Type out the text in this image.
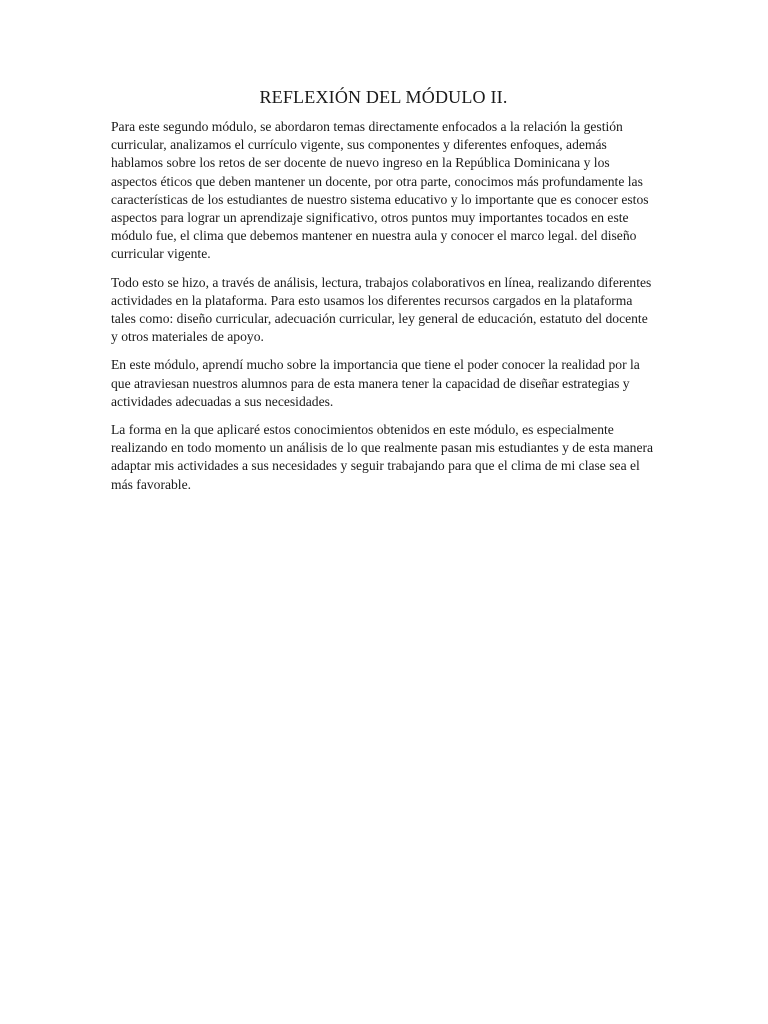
REFLEXIÓN DEL MÓDULO II.

Para este segundo módulo, se abordaron temas directamente enfocados a la relación la gestión curricular, analizamos el currículo vigente, sus componentes y diferentes enfoques, además hablamos sobre los retos de ser docente de nuevo ingreso en la República Dominicana y los aspectos éticos que deben mantener un docente, por otra parte, conocimos más profundamente las características de los estudiantes de nuestro sistema educativo y lo importante que es conocer estos aspectos para lograr un aprendizaje significativo, otros puntos muy importantes tocados en este módulo fue, el clima que debemos mantener en nuestra aula y conocer el marco legal. del diseño curricular vigente.

Todo esto se hizo, a través de análisis, lectura, trabajos colaborativos en línea, realizando diferentes actividades en la plataforma. Para esto usamos los diferentes recursos cargados en la plataforma tales como: diseño curricular, adecuación curricular, ley general de educación, estatuto del docente y otros materiales de apoyo.

En este módulo, aprendí mucho sobre la importancia que tiene el poder conocer la realidad por la que atraviesan nuestros alumnos para de esta manera tener la capacidad de diseñar estrategias y actividades adecuadas a sus necesidades.

La forma en la que aplicaré estos conocimientos obtenidos en este módulo, es especialmente realizando en todo momento un análisis de lo que realmente pasan mis estudiantes y de esta manera adaptar mis actividades a sus necesidades y seguir trabajando para que el clima de mi clase sea el más favorable.
